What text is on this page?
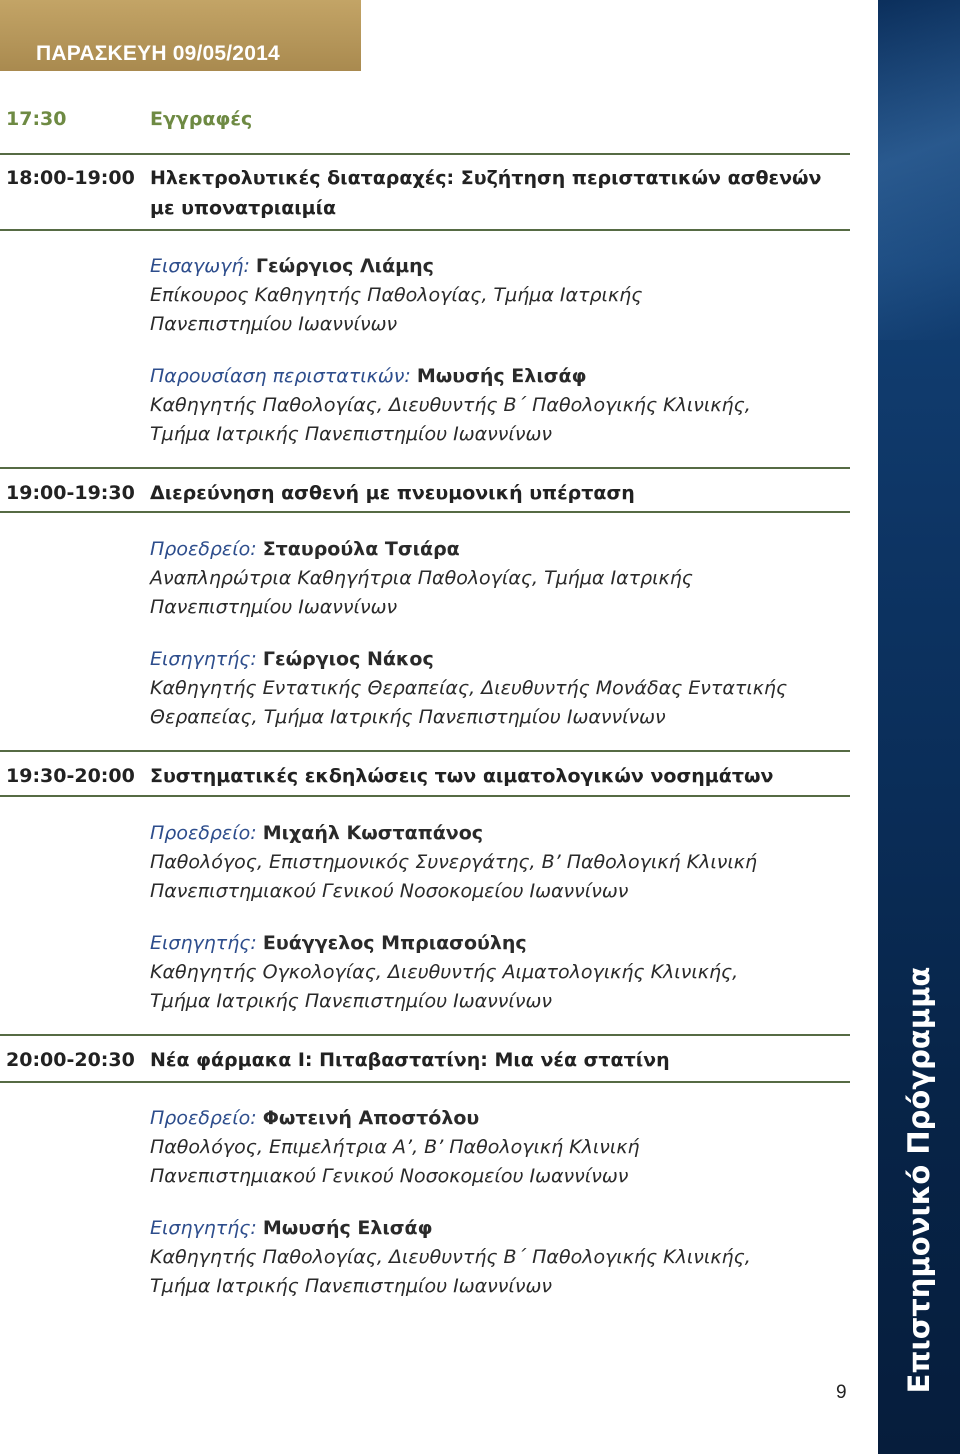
ΠΑΡΑΣΚΕΥΗ 09/05/2014
Επιστημονικό Πρόγραμμα
17:30	Εγγραφές
18:00-19:00 Ηλεκτρολυτικές διαταραχές: Συζήτηση περιστατικών ασθενών
με υπονατριαιμία
Εισαγωγή: Γεώργιος Λιάμης
Επίκουρος Καθηγητής Παθολογίας, Τμήμα Ιατρικής
Πανεπιστημίου Ιωαννίνων
Παρουσίαση περιστατικών: Μωυσής Ελισάφ
Καθηγητής Παθολογίας, Διευθυντής Β΄ Παθολογικής Κλινικής,
Τμήμα Ιατρικής Πανεπιστημίου Ιωαννίνων
19:00-19:30 Διερεύνηση ασθενή με πνευμονική υπέρταση
Προεδρείο: Σταυρούλα Τσιάρα
Αναπληρώτρια Καθηγήτρια Παθολογίας, Τμήμα Ιατρικής
Πανεπιστημίου Ιωαννίνων
Εισηγητής: Γεώργιος Νάκος
Καθηγητής Εντατικής Θεραπείας, Διευθυντής Μονάδας Εντατικής
Θεραπείας, Τμήμα Ιατρικής Πανεπιστημίου Ιωαννίνων
19:30-20:00 Συστηματικές εκδηλώσεις των αιματολογικών νοσημάτων
Προεδρείο: Μιχαήλ Κωσταπάνος
Παθολόγος, Επιστημονικός Συνεργάτης, Β’ Παθολογική Κλινική
Πανεπιστημιακού Γενικού Νοσοκομείου Ιωαννίνων
Εισηγητής: Ευάγγελος Μπριασούλης
Καθηγητής Ογκολογίας, Διευθυντής Αιματολογικής Κλινικής,
Τμήμα Ιατρικής Πανεπιστημίου Ιωαννίνων
20:00-20:30 Νέα φάρμακα I: Πιταβαστατίνη: Μια νέα στατίνη
Προεδρείο: Φωτεινή Αποστόλου
Παθολόγος, Επιμελήτρια Α’, Β’ Παθολογική Κλινική
Πανεπιστημιακού Γενικού Νοσοκομείου Ιωαννίνων
Εισηγητής: Μωυσής Ελισάφ
Καθηγητής Παθολογίας, Διευθυντής Β΄ Παθολογικής Κλινικής,
Τμήμα Ιατρικής Πανεπιστημίου Ιωαννίνων
9
